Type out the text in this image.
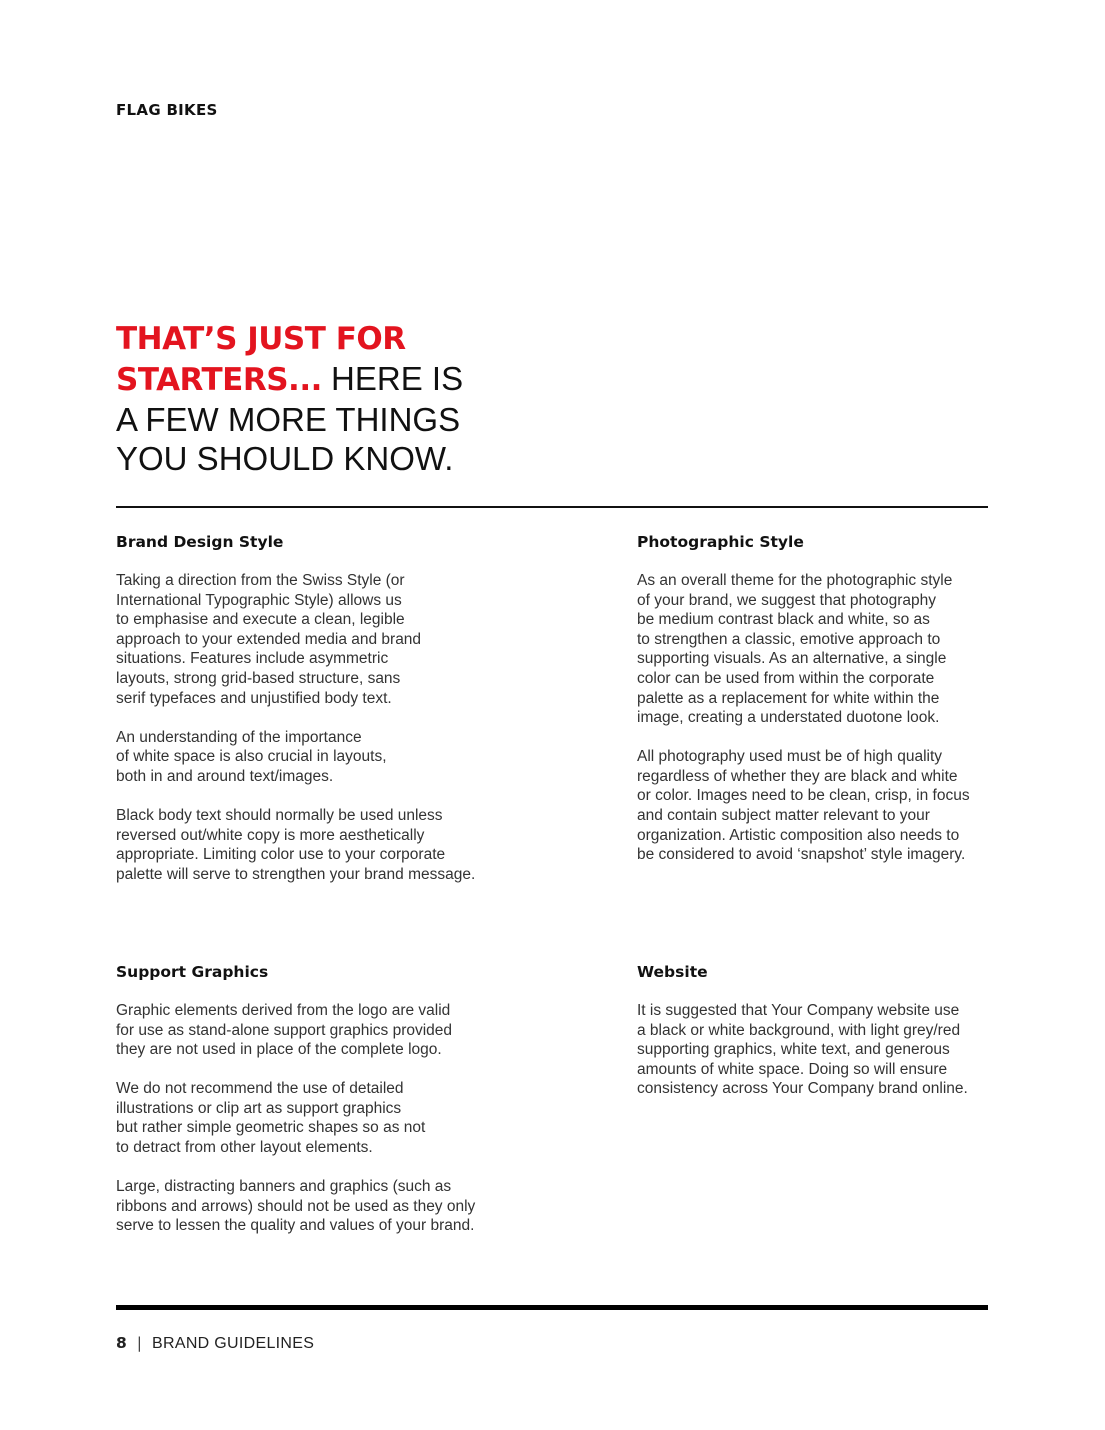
FLAG BIKES
THAT’S JUST FOR
STARTERS... HERE IS
A FEW MORE THINGS
YOU SHOULD KNOW.
Brand Design Style

Taking a direction from the Swiss Style (or
International Typographic Style) allows us
to emphasise and execute a clean, legible
approach to your extended media and brand
situations. Features include asymmetric
layouts, strong grid-based structure, sans
serif typefaces and unjustified body text.

An understanding of the importance
of white space is also crucial in layouts,
both in and around text/images.

Black body text should normally be used unless
reversed out/white copy is more aesthetically
appropriate. Limiting color use to your corporate
palette will serve to strengthen your brand message.

Photographic Style

As an overall theme for the photographic style
of your brand, we suggest that photography
be medium contrast black and white, so as
to strengthen a classic, emotive approach to
supporting visuals. As an alternative, a single
color can be used from within the corporate
palette as a replacement for white within the
image, creating a understated duotone look.

All photography used must be of high quality
regardless of whether they are black and white
or color. Images need to be clean, crisp, in focus
and contain subject matter relevant to your
organization. Artistic composition also needs to
be considered to avoid ‘snapshot’ style imagery.

Support Graphics

Graphic elements derived from the logo are valid
for use as stand-alone support graphics provided
they are not used in place of the complete logo.

We do not recommend the use of detailed
illustrations or clip art as support graphics
but rather simple geometric shapes so as not
to detract from other layout elements.

Large, distracting banners and graphics (such as
ribbons and arrows) should not be used as they only
serve to lessen the quality and values of your brand.

Website

It is suggested that Your Company website use
a black or white background, with light grey/red
supporting graphics, white text, and generous
amounts of white space. Doing so will ensure
consistency across Your Company brand online.

8 | BRAND GUIDELINES
